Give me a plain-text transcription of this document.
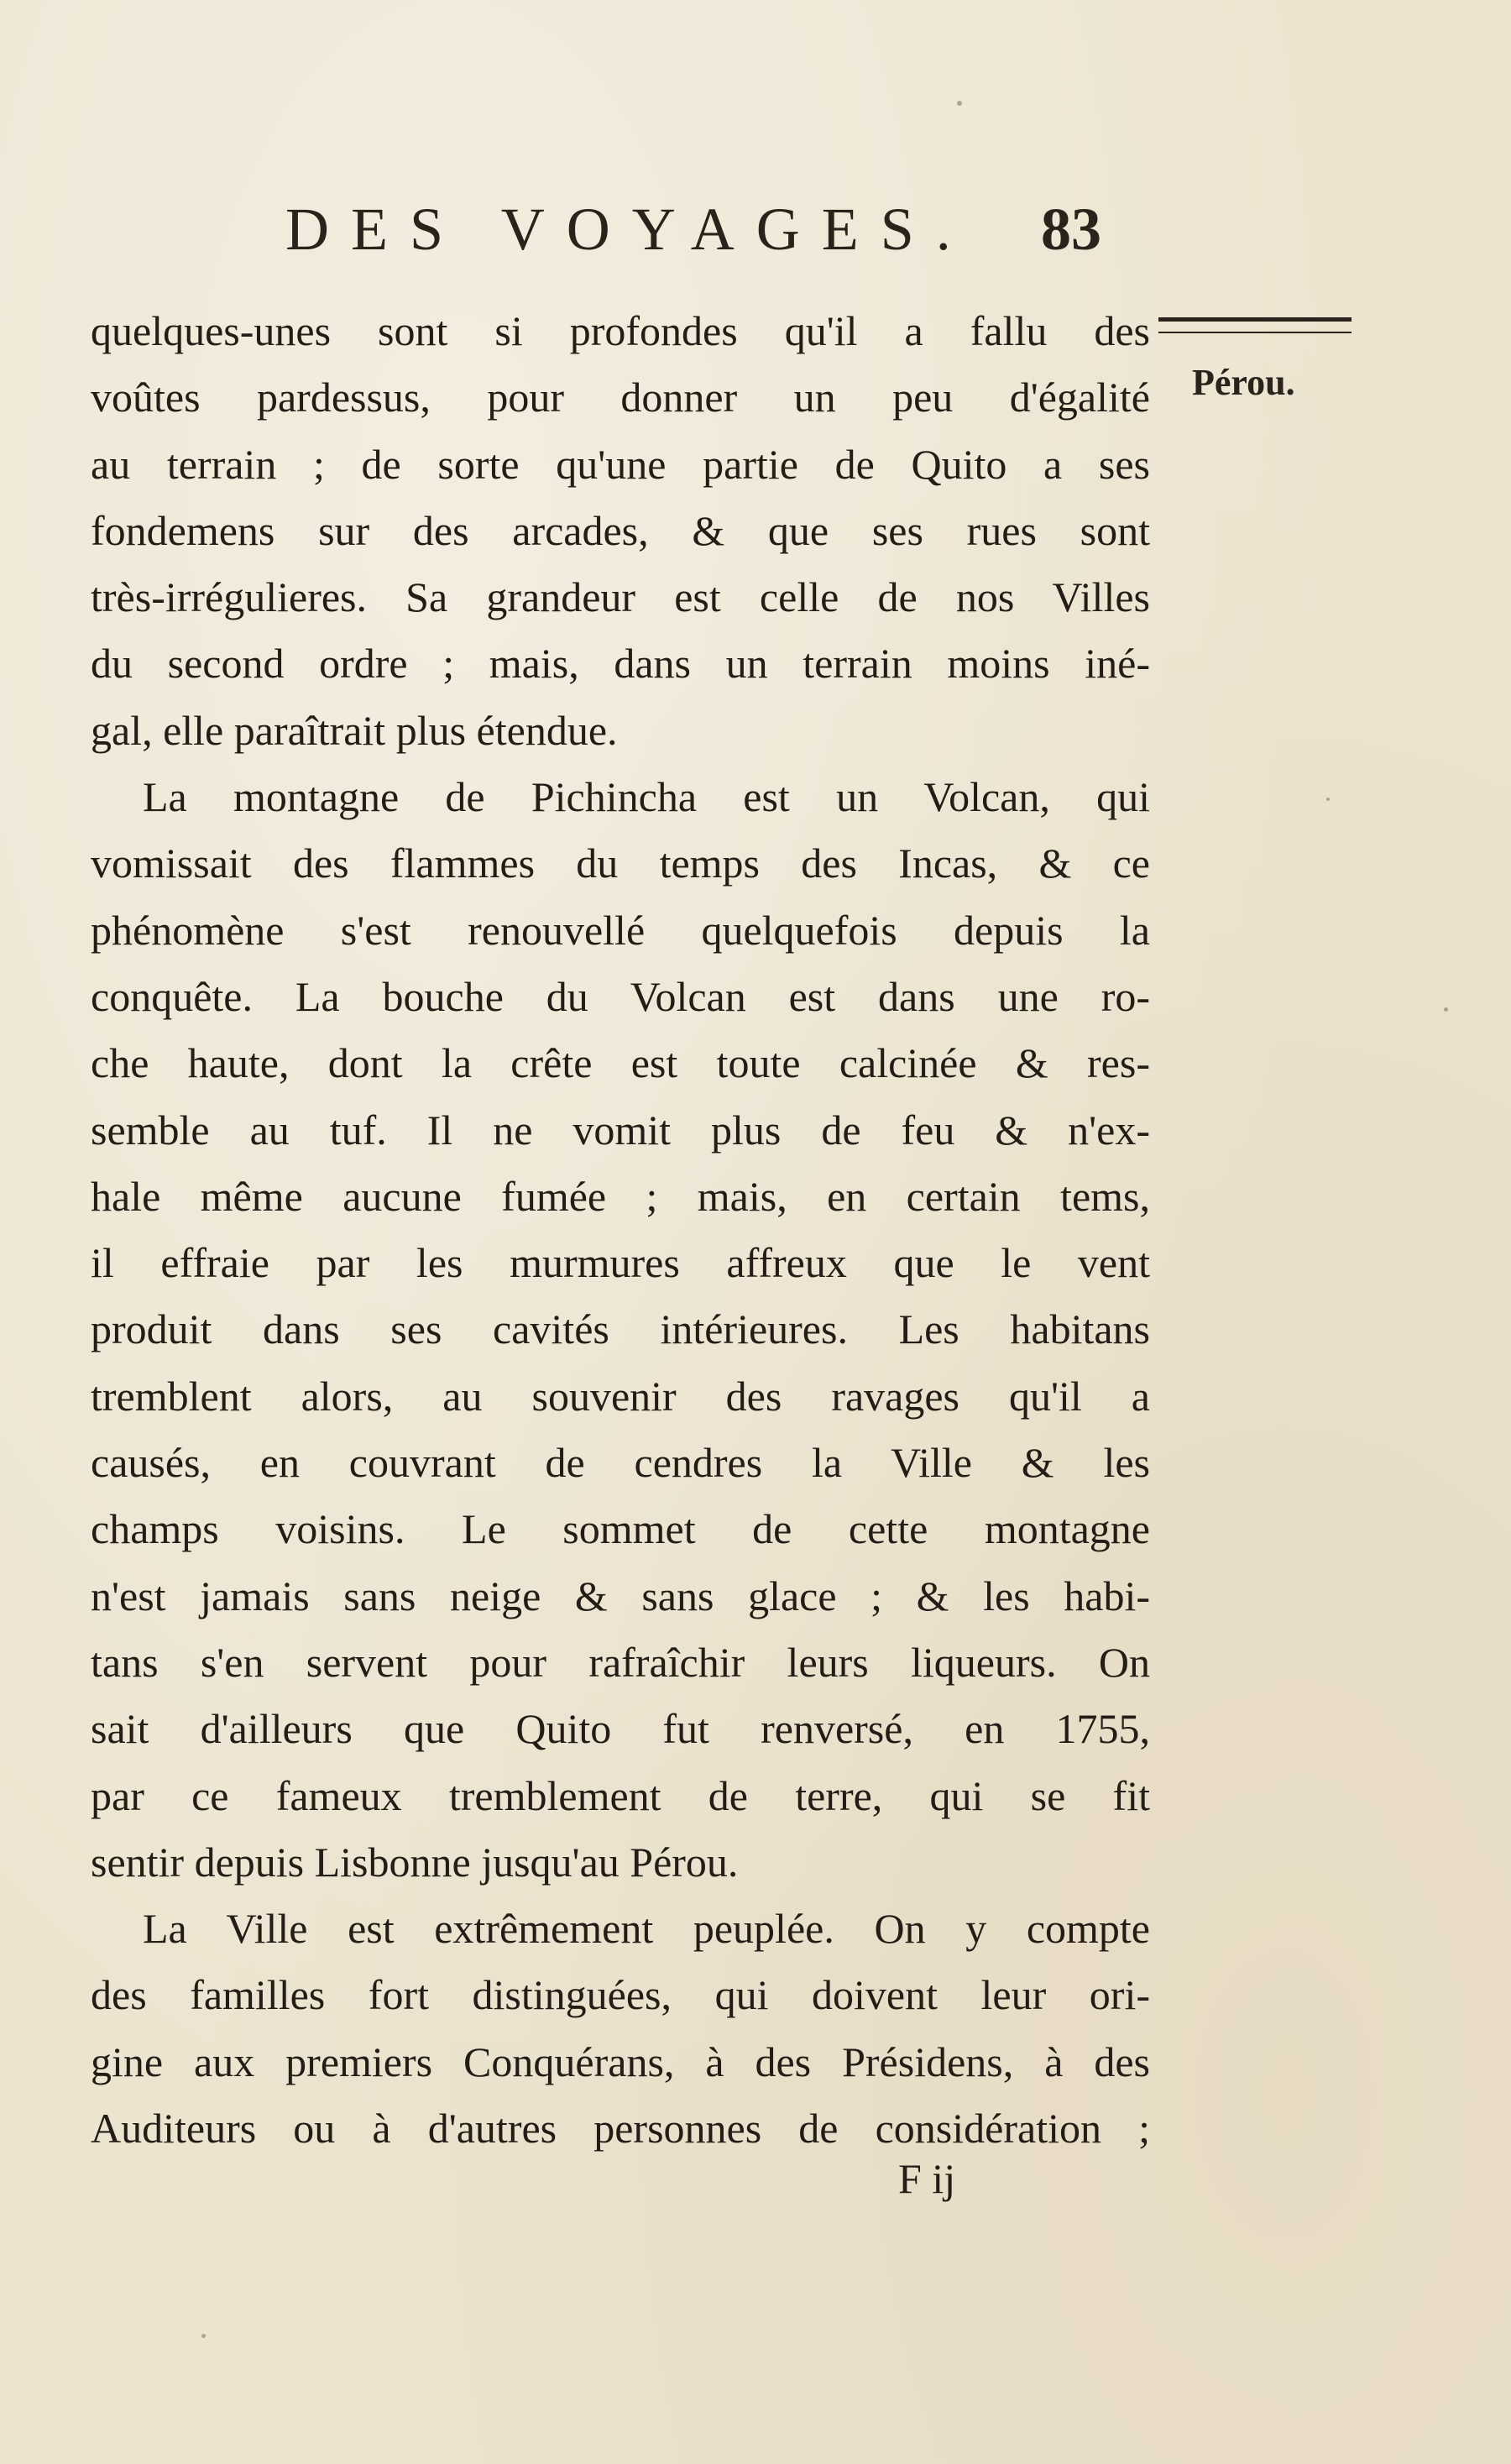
DES VOYAGES. 83
Pérou.
quelques-unes sont si profondes qu'il a fallu des
voûtes pardessus, pour donner un peu d'égalité
au terrain ; de sorte qu'une partie de Quito a ses
fondemens sur des arcades, & que ses rues sont
très-irrégulieres. Sa grandeur est celle de nos Villes
du second ordre ; mais, dans un terrain moins iné-
gal, elle paraîtrait plus étendue.
La montagne de Pichincha est un Volcan, qui
vomissait des flammes du temps des Incas, & ce
phénomène s'est renouvellé quelquefois depuis la
conquête. La bouche du Volcan est dans une ro-
che haute, dont la crête est toute calcinée & res-
semble au tuf. Il ne vomit plus de feu & n'ex-
hale même aucune fumée ; mais, en certain tems,
il effraie par les murmures affreux que le vent
produit dans ses cavités intérieures. Les habitans
tremblent alors, au souvenir des ravages qu'il a
causés, en couvrant de cendres la Ville & les
champs voisins. Le sommet de cette montagne
n'est jamais sans neige & sans glace ; & les habi-
tans s'en servent pour rafraîchir leurs liqueurs. On
sait d'ailleurs que Quito fut renversé, en 1755,
par ce fameux tremblement de terre, qui se fit
sentir depuis Lisbonne jusqu'au Pérou.
La Ville est extrêmement peuplée. On y compte
des familles fort distinguées, qui doivent leur ori-
gine aux premiers Conquérans, à des Présidens, à des
Auditeurs ou à d'autres personnes de considération ;
F ij
